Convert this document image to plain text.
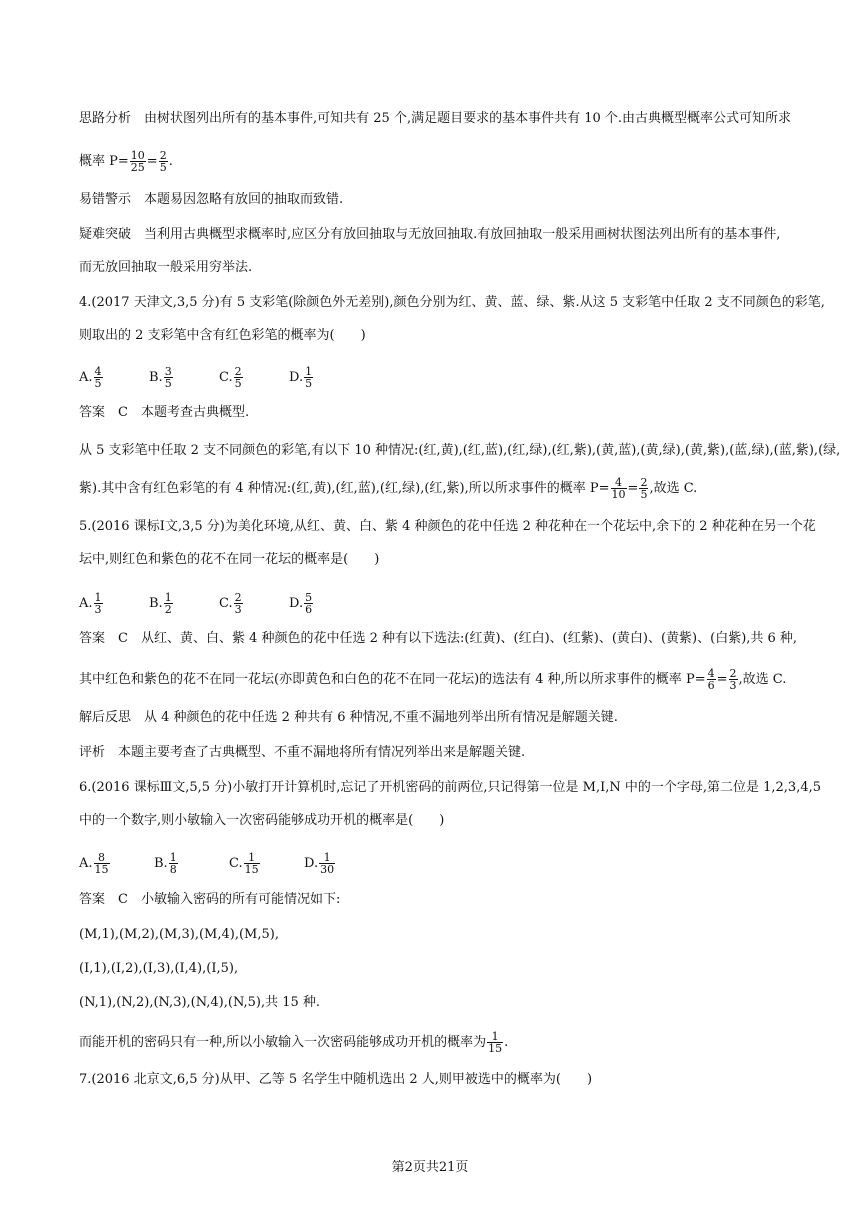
思路分析　由树状图列出所有的基本事件,可知共有 25 个,满足题目要求的基本事件共有 10 个.由古典概型概率公式可知所求
概率 $P= \frac{10}{25} = \frac{2}{5}$ .
易错警示　本题易因忽略有放回的抽取而致错.
疑难突破　当利用古典概型求概率时,应区分有放回抽取与无放回抽取.有放回抽取一般采用画树状图法列出所有的基本事件,
而无放回抽取一般采用穷举法.
4.(2017 天津文,3,5 分)有 5 支彩笔(除颜色外无差别),颜色分别为红、黄、蓝、绿、紫.从这 5 支彩笔中任取 2 支不同颜色的彩笔,
则取出的 2 支彩笔中含有红色彩笔的概率为(　　)
A. $\frac{4}{5}$	B. $\frac{3}{5}$	C. $\frac{2}{5}$	D. $\frac{1}{5}$
答案　C　本题考查古典概型.
从 5 支彩笔中任取 2 支不同颜色的彩笔,有以下 10 种情况:(红,黄),(红,蓝),(红,绿),(红,紫),(黄,蓝),(黄,绿),(黄,紫),(蓝,绿),(蓝,紫),(绿,
紫).其中含有红色彩笔的有 4 种情况:(红,黄),(红,蓝),(红,绿),(红,紫),所以所求事件的概率 $P= \frac{4}{10} = \frac{2}{5}$ ,故选 C.
5.(2016 课标Ⅰ文,3,5 分)为美化环境,从红、黄、白、紫 4 种颜色的花中任选 2 种花种在一个花坛中,余下的 2 种花种在另一个花
坛中,则红色和紫色的花不在同一花坛的概率是(　　)
A. $\frac{1}{3}$	B. $\frac{1}{2}$	C. $\frac{2}{3}$	D. $\frac{5}{6}$
答案　C　从红、黄、白、紫 4 种颜色的花中任选 2 种有以下选法:(红黄)、(红白)、(红紫)、(黄白)、(黄紫)、(白紫),共 6 种,
其中红色和紫色的花不在同一花坛(亦即黄色和白色的花不在同一花坛)的选法有 4 种,所以所求事件的概率 $P= \frac{4}{6} = \frac{2}{3}$ ,故选 C.
解后反思　从 4 种颜色的花中任选 2 种共有 6 种情况,不重不漏地列举出所有情况是解题关键.
评析　本题主要考查了古典概型、不重不漏地将所有情况列举出来是解题关键.
6.(2016 课标Ⅲ文,5,5 分)小敏打开计算机时,忘记了开机密码的前两位,只记得第一位是 M,I,N 中的一个字母,第二位是 1,2,3,4,5
中的一个数字,则小敏输入一次密码能够成功开机的概率是(　　)
A. $\frac{8}{15}$	B. $\frac{1}{8}$	C. $\frac{1}{15}$	D. $\frac{1}{30}$
答案　C　小敏输入密码的所有可能情况如下:
(M,1),(M,2),(M,3),(M,4),(M,5),
(I,1),(I,2),(I,3),(I,4),(I,5),
(N,1),(N,2),(N,3),(N,4),(N,5),共 15 种.
而能开机的密码只有一种,所以小敏输入一次密码能够成功开机的概率为 $\frac{1}{15}$ .
7.(2016 北京文,6,5 分)从甲、乙等 5 名学生中随机选出 2 人,则甲被选中的概率为(　　)
第2页共21页
